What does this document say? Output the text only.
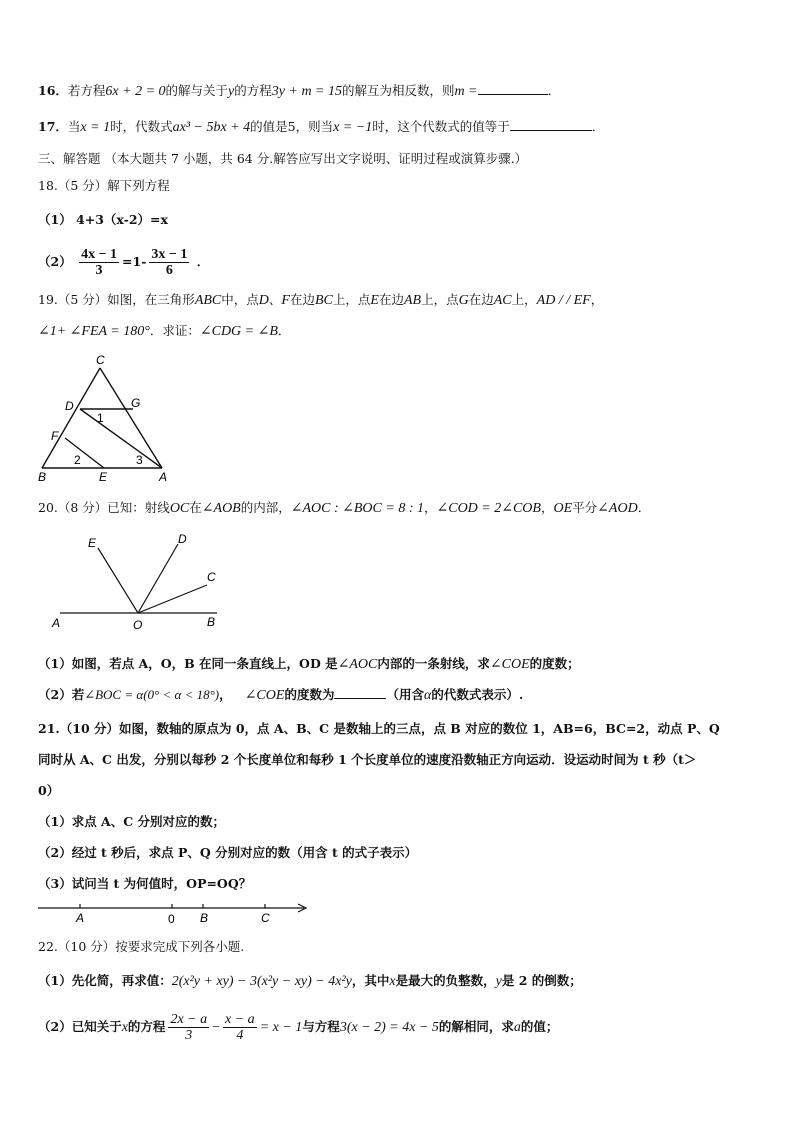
16．若方程6x + 2 = 0的解与关于y的方程3y + m = 15的解互为相反数，则m =	．
17．当x = 1时，代数式ax³ − 5bx + 4的值是5，则当x = −1时，这个代数式的值等于	．
三、解答题 （本大题共 7 小题，共 64 分.解答应写出文字说明、证明过程或演算步骤.）
18.（5 分）解下列方程
（1） 4+3（x-2）=x
$(2) \frac{4x - 1}{3} =1- \frac{3x - 1}{6}$ ．
19.（5 分）如图，在三角形ABC中，点D、F在边BC上，点E在边AB上，点G在边AC上，AD / / EF，
∠1+ ∠FEA = 180°．求证：∠CDG = ∠B．
C
D	G
F
B	E	A
1
2	3
20.（8 分）已知：射线OC在∠AOB的内部，∠AOC : ∠BOC = 8 : 1，∠COD = 2∠COB，OE平分∠AOD．
E	D
C
A	O	B
（1）如图，若点 A，O，B 在同一条直线上，OD 是∠AOC内部的一条射线，求∠COE的度数；
（2）若∠BOC = α(0° < α < 18°)， ∠COE的度数为	（用含α的代数式表示）.
21.（10 分）如图，数轴的原点为 0，点 A、B、C 是数轴上的三点，点 B 对应的数位 1，AB=6，BC=2，动点 P、Q
同时从 A、C 出发，分别以每秒 2 个长度单位和每秒 1 个长度单位的速度沿数轴正方向运动．设运动时间为 t 秒（t＞
0）
（1）求点 A、C 分别对应的数；
（2）经过 t 秒后，求点 P、Q 分别对应的数（用含 t 的式子表示）
（3）试问当 t 为何值时，OP=OQ？
A	0 B	C
22.（10 分）按要求完成下列各小题.
（1）先化简，再求值：2(x²y + xy) − 3(x²y − xy) − 4x²y，其中x是最大的负整数，y是 2 的倒数；
（2）已知关于x的方程 $\frac{2x - a}{3} - \frac{x - a}{4} = x - 1$与方程3(x − 2) = 4x − 5的解相同，求a的值；
